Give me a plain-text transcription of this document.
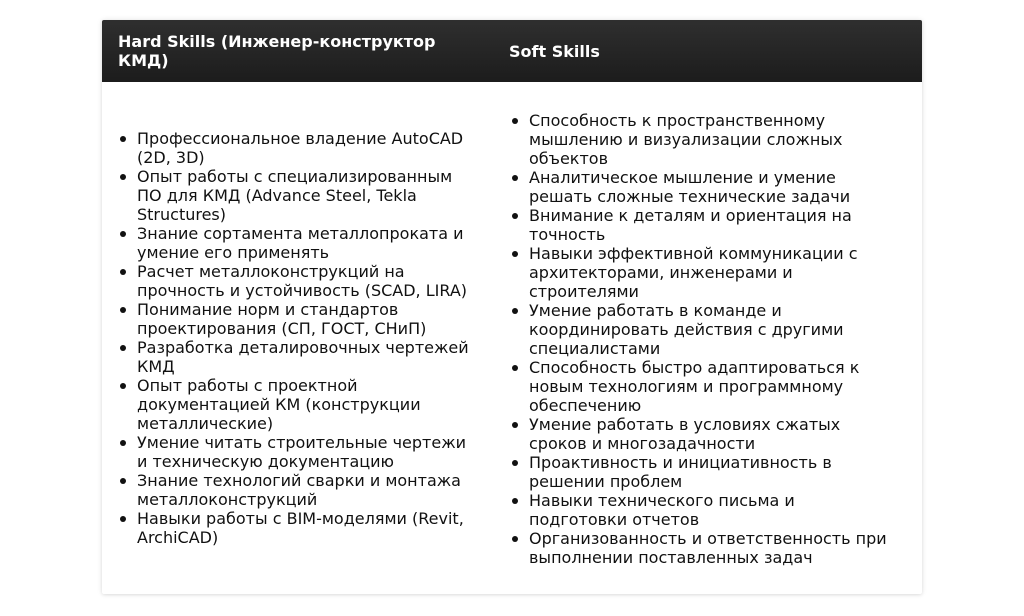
Hard Skills (Инженер-конструктор КМД)	Soft Skills
Профессиональное владение AutoCAD (2D, 3D)
Опыт работы с специализированным ПО для КМД (Advance Steel, Tekla Structures)
Знание сортамента металлопроката и умение его применять
Расчет металлоконструкций на прочность и устойчивость (SCAD, LIRA)
Понимание норм и стандартов проектирования (СП, ГОСТ, СНиП)
Разработка деталировочных чертежей КМД
Опыт работы с проектной документацией КМ (конструкции металлические)
Умение читать строительные чертежи и техническую документацию
Знание технологий сварки и монтажа металлоконструкций
Навыки работы с BIM-моделями (Revit, ArchiCAD)
Способность к пространственному мышлению и визуализации сложных объектов
Аналитическое мышление и умение решать сложные технические задачи
Внимание к деталям и ориентация на точность
Навыки эффективной коммуникации с архитекторами, инженерами и строителями
Умение работать в команде и координировать действия с другими специалистами
Способность быстро адаптироваться к новым технологиям и программному обеспечению
Умение работать в условиях сжатых сроков и многозадачности
Проактивность и инициативность в решении проблем
Навыки технического письма и подготовки отчетов
Организованность и ответственность при выполнении поставленных задач
